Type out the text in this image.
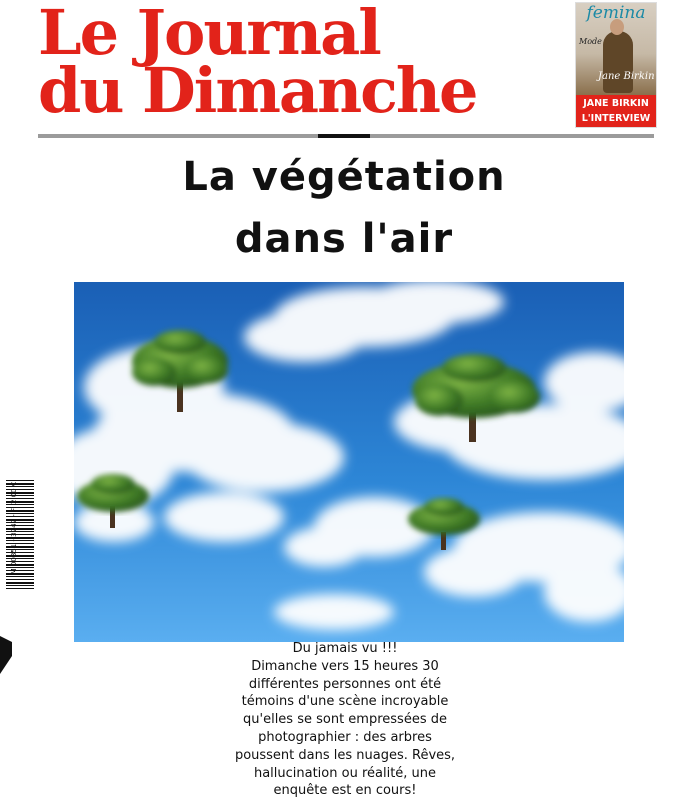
Le Journal
du Dimanche
femina
Mode
Jane Birkin
JANE BIRKIN
L'INTERVIEW
La végétation
dans l'air
M 00851 - 3742 - F: 2,00 €
Du jamais vu !!!
Dimanche vers 15 heures 30
différentes personnes ont été
témoins d'une scène incroyable
qu'elles se sont empressées de
photographier : des arbres
poussent dans les nuages. Rêves,
hallucination ou réalité, une
enquête est en cours!
